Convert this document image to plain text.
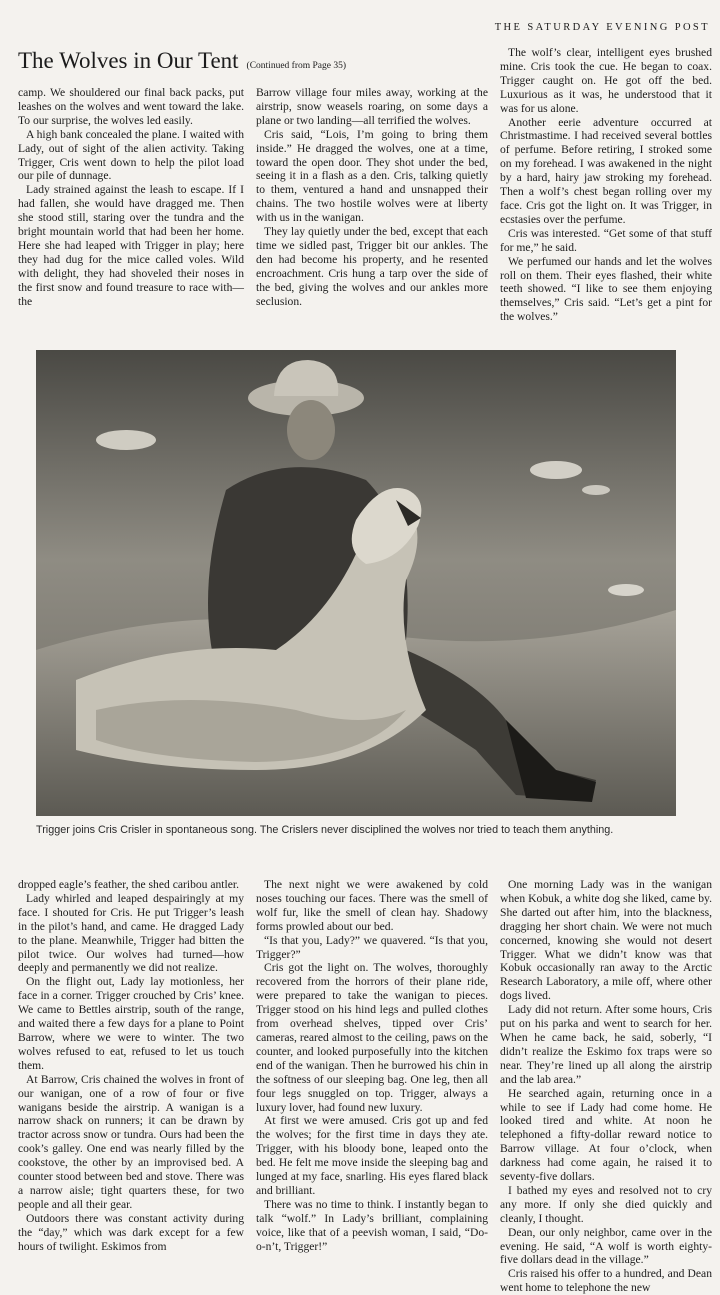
THE SATURDAY EVENING POST
The Wolves in Our Tent (Continued from Page 35)

camp. We shouldered our final back packs, put leashes on the wolves and went toward the lake. To our surprise, the wolves led easily.

A high bank concealed the plane. I waited with Lady, out of sight of the alien activity. Taking Trigger, Cris went down to help the pilot load our pile of dunnage.

Lady strained against the leash to escape. If I had fallen, she would have dragged me. Then she stood still, staring over the tundra and the bright mountain world that had been her home. Here she had leaped with Trigger in play; here they had dug for the mice called voles. Wild with delight, they had shoveled their noses in the first snow and found treasure to race with—the

Barrow village four miles away, working at the airstrip, snow weasels roaring, on some days a plane or two landing—all terrified the wolves.

Cris said, “Lois, I’m going to bring them inside.” He dragged the wolves, one at a time, toward the open door. They shot under the bed, seeing it in a flash as a den. Cris, talking quietly to them, ventured a hand and unsnapped their chains. The two hostile wolves were at liberty with us in the wanigan.

They lay quietly under the bed, except that each time we sidled past, Trigger bit our ankles. The den had become his property, and he resented encroachment. Cris hung a tarp over the side of the bed, giving the wolves and our ankles more seclusion.

The wolf’s clear, intelligent eyes brushed mine. Cris took the cue. He began to coax. Trigger caught on. He got off the bed. Luxurious as it was, he understood that it was for us alone.

Another eerie adventure occurred at Christmastime. I had received several bottles of perfume. Before retiring, I stroked some on my forehead. I was awakened in the night by a hard, hairy jaw stroking my forehead. Then a wolf’s chest began rolling over my face. Cris got the light on. It was Trigger, in ecstasies over the perfume.

Cris was interested. “Get some of that stuff for me,” he said.

We perfumed our hands and let the wolves roll on them. Their eyes flashed, their white teeth showed. “I like to see them enjoying themselves,” Cris said. “Let’s get a pint for the wolves.”

Trigger joins Cris Crisler in spontaneous song. The Crislers never disciplined the wolves nor tried to teach them anything.

dropped eagle’s feather, the shed caribou antler.

Lady whirled and leaped despairingly at my face. I shouted for Cris. He put Trigger’s leash in the pilot’s hand, and came. He dragged Lady to the plane. Meanwhile, Trigger had bitten the pilot twice. Our wolves had turned—how deeply and permanently we did not realize.

On the flight out, Lady lay motionless, her face in a corner. Trigger crouched by Cris’ knee. We came to Bettles airstrip, south of the range, and waited there a few days for a plane to Point Barrow, where we were to winter. The two wolves refused to eat, refused to let us touch them.

At Barrow, Cris chained the wolves in front of our wanigan, one of a row of four or five wanigans beside the airstrip. A wanigan is a narrow shack on runners; it can be drawn by tractor across snow or tundra. Ours had been the cook’s galley. One end was nearly filled by the cookstove, the other by an improvised bed. A counter stood between bed and stove. There was a narrow aisle; tight quarters these, for two people and all their gear.

Outdoors there was constant activity during the “day,” which was dark except for a few hours of twilight. Eskimos from

The next night we were awakened by cold noses touching our faces. There was the smell of wolf fur, like the smell of clean hay. Shadowy forms prowled about our bed.

“Is that you, Lady?” we quavered. “Is that you, Trigger?”

Cris got the light on. The wolves, thoroughly recovered from the horrors of their plane ride, were prepared to take the wanigan to pieces. Trigger stood on his hind legs and pulled clothes from overhead shelves, tipped over Cris’ cameras, reared almost to the ceiling, paws on the counter, and looked purposefully into the kitchen end of the wanigan. Then he burrowed his chin in the softness of our sleeping bag. One leg, then all four legs snuggled on top. Trigger, always a luxury lover, had found new luxury.

At first we were amused. Cris got up and fed the wolves; for the first time in days they ate. Trigger, with his bloody bone, leaped onto the bed. He felt me move inside the sleeping bag and lunged at my face, snarling. His eyes flared black and brilliant.

There was no time to think. I instantly began to talk “wolf.” In Lady’s brilliant, complaining voice, like that of a peevish woman, I said, “Do-o-n’t, Trigger!”

One morning Lady was in the wanigan when Kobuk, a white dog she liked, came by. She darted out after him, into the blackness, dragging her short chain. We were not much concerned, knowing she would not desert Trigger. What we didn’t know was that Kobuk occasionally ran away to the Arctic Research Laboratory, a mile off, where other dogs lived.

Lady did not return. After some hours, Cris put on his parka and went to search for her. When he came back, he said, soberly, “I didn’t realize the Eskimo fox traps were so near. They’re lined up all along the airstrip and the lab area.”

He searched again, returning once in a while to see if Lady had come home. He looked tired and white. At noon he telephoned a fifty-dollar reward notice to Barrow village. At four o’clock, when darkness had come again, he raised it to seventy-five dollars.

I bathed my eyes and resolved not to cry any more. If only she died quickly and cleanly, I thought.

Dean, our only neighbor, came over in the evening. He said, “A wolf is worth eighty-five dollars dead in the village.”

Cris raised his offer to a hundred, and Dean went home to telephone the new
